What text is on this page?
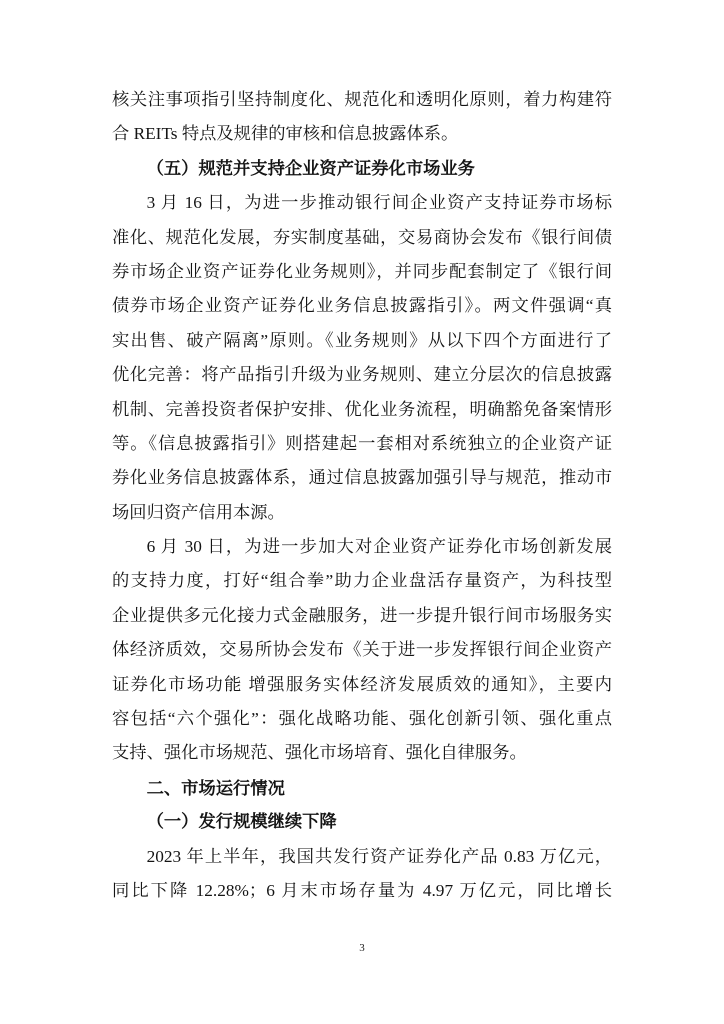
核关注事项指引坚持制度化、规范化和透明化原则，着力构建符
合 REITs 特点及规律的审核和信息披露体系。
（五）规范并支持企业资产证券化市场业务
3 月 16 日，为进一步推动银行间企业资产支持证券市场标
准化、规范化发展，夯实制度基础，交易商协会发布《银行间债
券市场企业资产证券化业务规则》，并同步配套制定了《银行间
债券市场企业资产证券化业务信息披露指引》。两文件强调“真
实出售、破产隔离”原则。《业务规则》从以下四个方面进行了
优化完善：将产品指引升级为业务规则、建立分层次的信息披露
机制、完善投资者保护安排、优化业务流程，明确豁免备案情形
等。《信息披露指引》则搭建起一套相对系统独立的企业资产证
券化业务信息披露体系，通过信息披露加强引导与规范，推动市
场回归资产信用本源。
6 月 30 日，为进一步加大对企业资产证券化市场创新发展
的支持力度，打好“组合拳”助力企业盘活存量资产，为科技型
企业提供多元化接力式金融服务，进一步提升银行间市场服务实
体经济质效，交易所协会发布《关于进一步发挥银行间企业资产
证券化市场功能 增强服务实体经济发展质效的通知》，主要内
容包括“六个强化”：强化战略功能、强化创新引领、强化重点
支持、强化市场规范、强化市场培育、强化自律服务。
二、市场运行情况
（一）发行规模继续下降
2023 年上半年，我国共发行资产证券化产品 0.83 万亿元，
同比下降 12.28%；6 月末市场存量为 4.97 万亿元，同比增长
3
